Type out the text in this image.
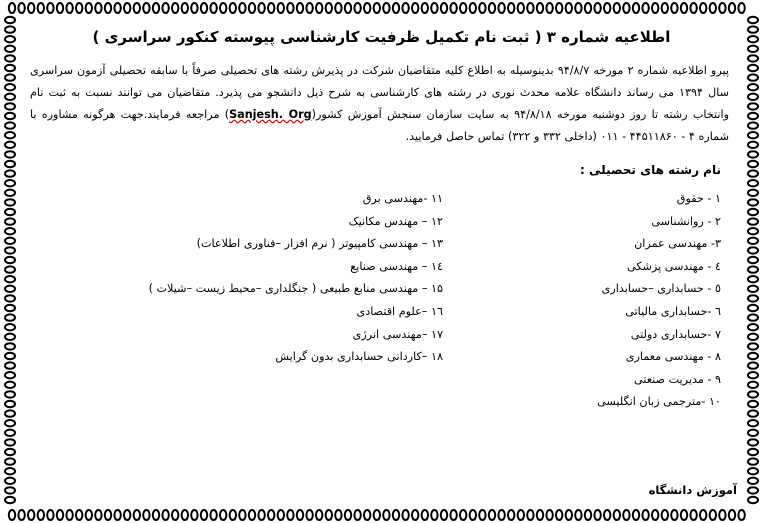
اطلاعیه شماره ۳ ( ثبت نام تکمیل ظرفیت کارشناسی پیوسته کنکور سراسری )

پیرو اطلاعیه شماره ۲ مورخه ۹۴/۸/۷ بدینوسیله به اطلاع کلیه متقاضیان شرکت در پذیرش رشته های تحصیلی صرفاً با سابقه تحصیلی آزمون سراسری سال ۱۳۹۴ می رساند دانشگاه علامه محدث نوری در رشته های کارشناسی به شرح ذیل دانشجو می پذیرد. متقاضیان می توانند نسبت به ثبت نام وانتخاب رشته تا روز دوشنبه مورخه ۹۴/۸/۱۸ به سایت سازمان سنجش آموزش کشور(Sanjesh. Org) مراجعه فرمایند.جهت هرگونه مشاوره با شماره ۴ - ۴۴۵۱۱۸۶۰ - ۰۱۱ (داخلی ۳۳۲ و ۳۲۲) تماس حاصل فرمایید.

نام رشته های تحصیلی :
۱ - حقوق
۲ - روانشناسی
۳- مهندسی عمران
٤ - مهندسی پزشکی
٥ - حسابداری –حسابداری
٦ -حسابداری مالیاتی
۷ -حسابداری دولتی
۸ - مهندسی معماری
۹ - مدیریت صنعتی
۱۰ -مترجمی زبان انگلیسی
۱۱ -مهندسی برق
۱۲ – مهندس مکانیک
۱۳ – مهندسی کامپیوتر ( نرم افزار –فناوری اطلاعات)
١٤ – مهندسی صنایع
۱۵ – مهندسی منابع طبیعی ( جنگلداری –محیط زیست –شیلات )
۱٦ –علوم اقتصادی
۱۷ –مهندسی انرژی
۱۸ –کاردانی حسابداری بدون گرایش
آموزش دانشگاه
